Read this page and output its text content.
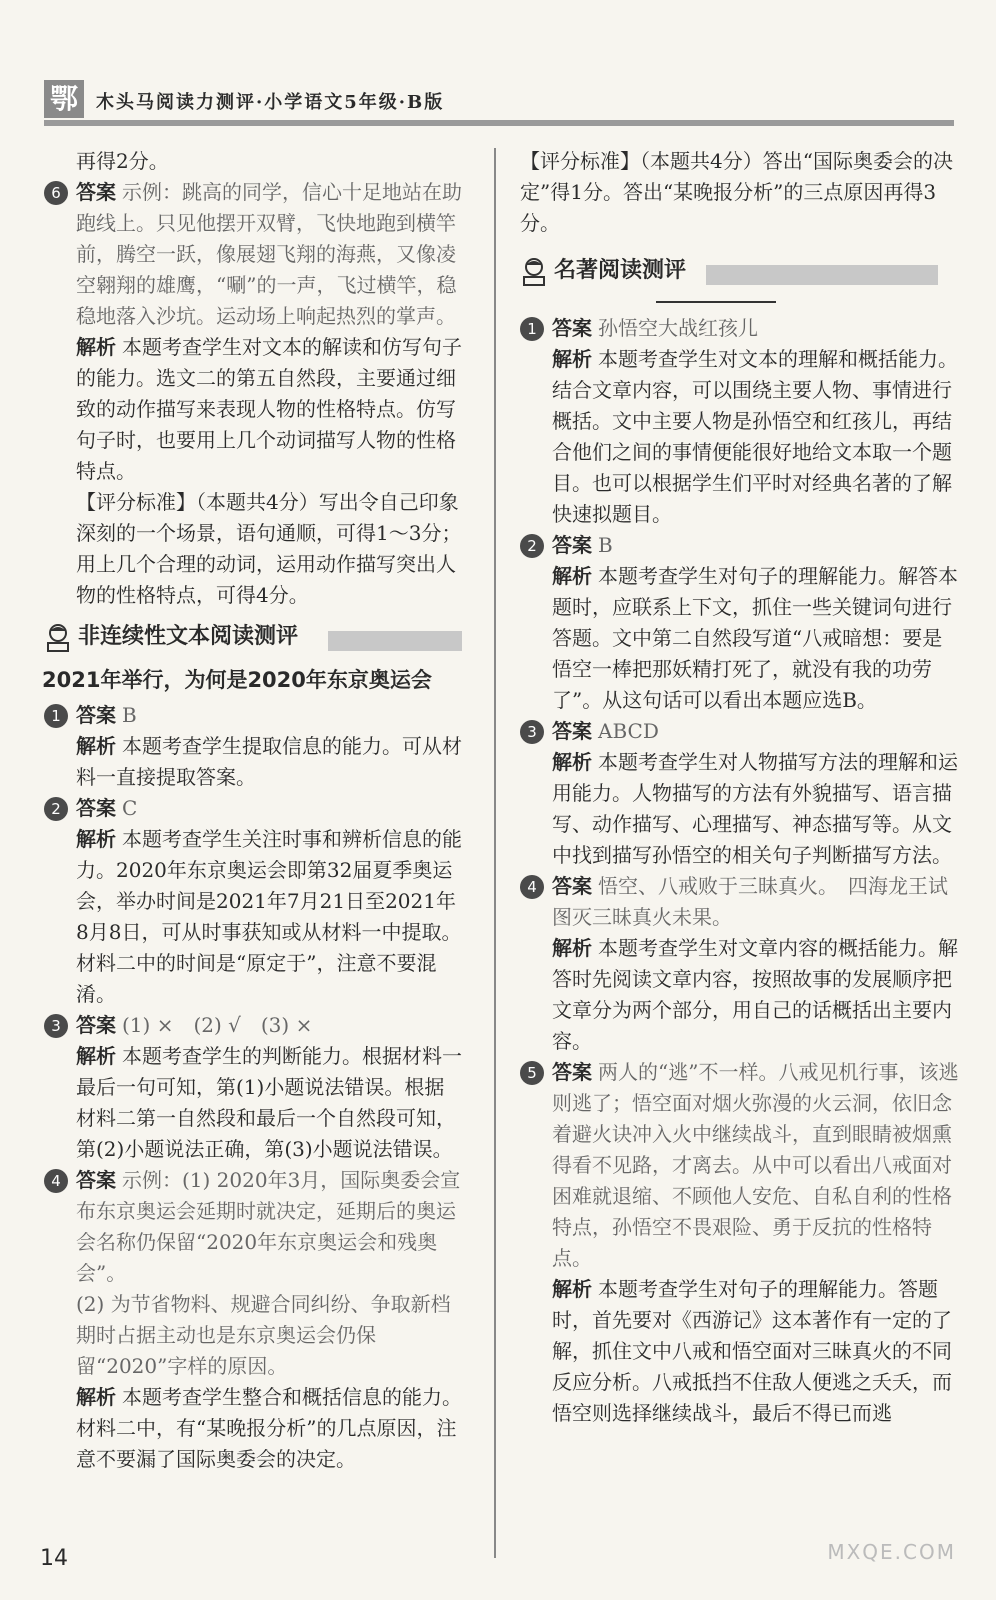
鄂	木头马阅读力测评·小学语文5年级·B版
再得2分。
6 答案 示例：跳高的同学，信心十足地站在助跑线上。只见他摆开双臂，飞快地跑到横竿前，腾空一跃，像展翅飞翔的海燕，又像凌空翱翔的雄鹰，“唰”的一声，飞过横竿，稳稳地落入沙坑。运动场上响起热烈的掌声。
解析 本题考查学生对文本的解读和仿写句子的能力。选文二的第五自然段，主要通过细致的动作描写来表现人物的性格特点。仿写句子时，也要用上几个动词描写人物的性格特点。
【评分标准】（本题共4分）写出令自己印象深刻的一个场景，语句通顺，可得1～3分；用上几个合理的动词，运用动作描写突出人物的性格特点，可得4分。
非连续性文本阅读测评
2021年举行，为何是2020年东京奥运会
1 答案 B
解析 本题考查学生提取信息的能力。可从材料一直接提取答案。
2 答案 C
解析 本题考查学生关注时事和辨析信息的能力。2020年东京奥运会即第32届夏季奥运会，举办时间是2021年7月21日至2021年8月8日，可从时事获知或从材料一中提取。材料二中的时间是“原定于”，注意不要混淆。
3 答案 (1) ×　(2) √　(3) ×
解析 本题考查学生的判断能力。根据材料一最后一句可知，第(1)小题说法错误。根据材料二第一自然段和最后一个自然段可知，第(2)小题说法正确，第(3)小题说法错误。
4 答案 示例：(1) 2020年3月，国际奥委会宣布东京奥运会延期时就决定，延期后的奥运会名称仍保留“2020年东京奥运会和残奥会”。
(2) 为节省物料、规避合同纠纷、争取新档期时占据主动也是东京奥运会仍保留“2020”字样的原因。
解析 本题考查学生整合和概括信息的能力。材料二中，有“某晚报分析”的几点原因，注意不要漏了国际奥委会的决定。
【评分标准】（本题共4分）答出“国际奥委会的决定”得1分。答出“某晚报分析”的三点原因再得3分。
名著阅读测评
1 答案 孙悟空大战红孩儿
解析 本题考查学生对文本的理解和概括能力。结合文章内容，可以围绕主要人物、事情进行概括。文中主要人物是孙悟空和红孩儿，再结合他们之间的事情便能很好地给文本取一个题目。也可以根据学生们平时对经典名著的了解快速拟题目。
2 答案 B
解析 本题考查学生对句子的理解能力。解答本题时，应联系上下文，抓住一些关键词句进行答题。文中第二自然段写道“八戒暗想：要是悟空一棒把那妖精打死了，就没有我的功劳了”。从这句话可以看出本题应选B。
3 答案 ABCD
解析 本题考查学生对人物描写方法的理解和运用能力。人物描写的方法有外貌描写、语言描写、动作描写、心理描写、神态描写等。从文中找到描写孙悟空的相关句子判断描写方法。
4 答案 悟空、八戒败于三昧真火。　四海龙王试图灭三昧真火未果。
解析 本题考查学生对文章内容的概括能力。解答时先阅读文章内容，按照故事的发展顺序把文章分为两个部分，用自己的话概括出主要内容。
5 答案 两人的“逃”不一样。八戒见机行事，该逃则逃了；悟空面对烟火弥漫的火云洞，依旧念着避火诀冲入火中继续战斗，直到眼睛被烟熏得看不见路，才离去。从中可以看出八戒面对困难就退缩、不顾他人安危、自私自利的性格特点，孙悟空不畏艰险、勇于反抗的性格特点。
解析 本题考查学生对句子的理解能力。答题时，首先要对《西游记》这本著作有一定的了解，抓住文中八戒和悟空面对三昧真火的不同反应分析。八戒抵挡不住敌人便逃之夭夭，而悟空则选择继续战斗，最后不得已而逃
14	MXQE.COM
